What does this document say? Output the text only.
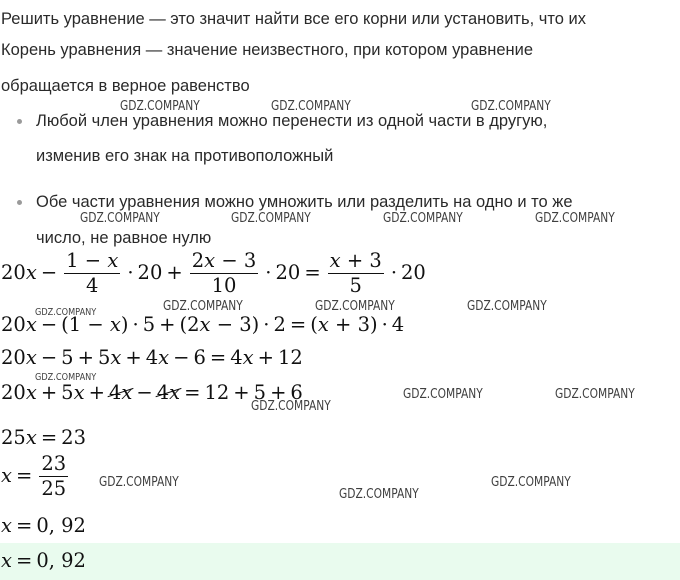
Решить уравнение — это значит найти все его корни или установить, что их
Корень уравнения — значение неизвестного, при котором уравнение
обращается в верное равенство
Любой член уравнения можно перенести из одной части в другую,
изменив его знак на противоположный
Обе части уравнения можно умножить или разделить на одно и то же
число, не равное нулю
$20x - \frac{1 - x}{4} \cdot 20 + \frac{2x - 3}{10} \cdot 20 = \frac{x + 3}{5} \cdot 20$
20x − (1 − x) · 5 + (2x − 3) · 2 = (x + 3) · 4
20x − 5 + 5x + 4x − 6 = 4x + 12
20x + 5x + 4x − 4x = 12 + 5 + 6
25x = 23
$x = \frac{23}{25}$
x = 0, 92
x = 0, 92
GDZ.COMPANY	GDZ.COMPANY	GDZ.COMPANY
GDZ.COMPANY	GDZ.COMPANY	GDZ.COMPANY	GDZ.COMPANY
GDZ.COMPANY	GDZ.COMPANY	GDZ.COMPANY	GDZ.COMPANY
GDZ.COMPANY
GDZ.COMPANY	GDZ.COMPANY
GDZ.COMPANY
GDZ.COMPANY	GDZ.COMPANY
GDZ.COMPANY
